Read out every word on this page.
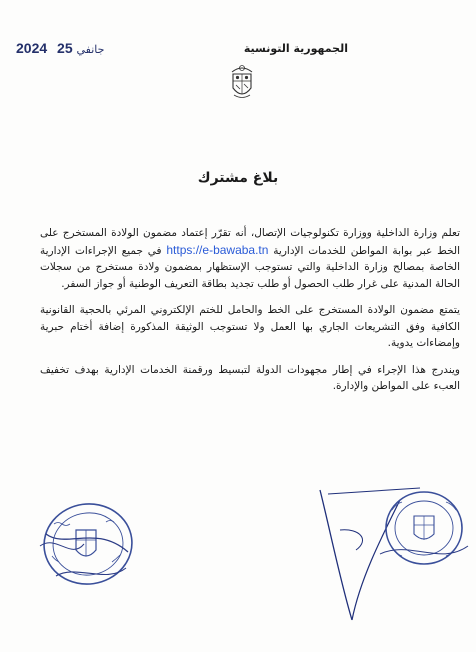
2024	جانفي 25	الجمهورية التونسية
بلاغ مشترك

تعلم وزارة الداخلية ووزارة تكنولوجيات الإتصال، أنه تقرّر إعتماد مضمون الولادة المستخرج على الخط عبر بوابة المواطن للخدمات الإدارية https://e-bawaba.tn في جميع الإجراءات الإدارية الخاصة بمصالح وزارة الداخلية والتي تستوجب الإستظهار بمضمون ولادة مستخرج من سجلات الحالة المدنية على غرار طلب الحصول أو طلب تجديد بطاقة التعريف الوطنية أو جواز السفر.

يتمتع مضمون الولادة المستخرج على الخط والحامل للختم الإلكتروني المرئي بالحجية القانونية الكافية وفق التشريعات الجاري بها العمل ولا تستوجب الوثيقة المذكورة إضافة أختام حبرية وإمضاءات يدوية.

ويندرج هذا الإجراء في إطار مجهودات الدولة لتبسيط ورقمنة الخدمات الإدارية بهدف تخفيف العبء على المواطن والإدارة.
